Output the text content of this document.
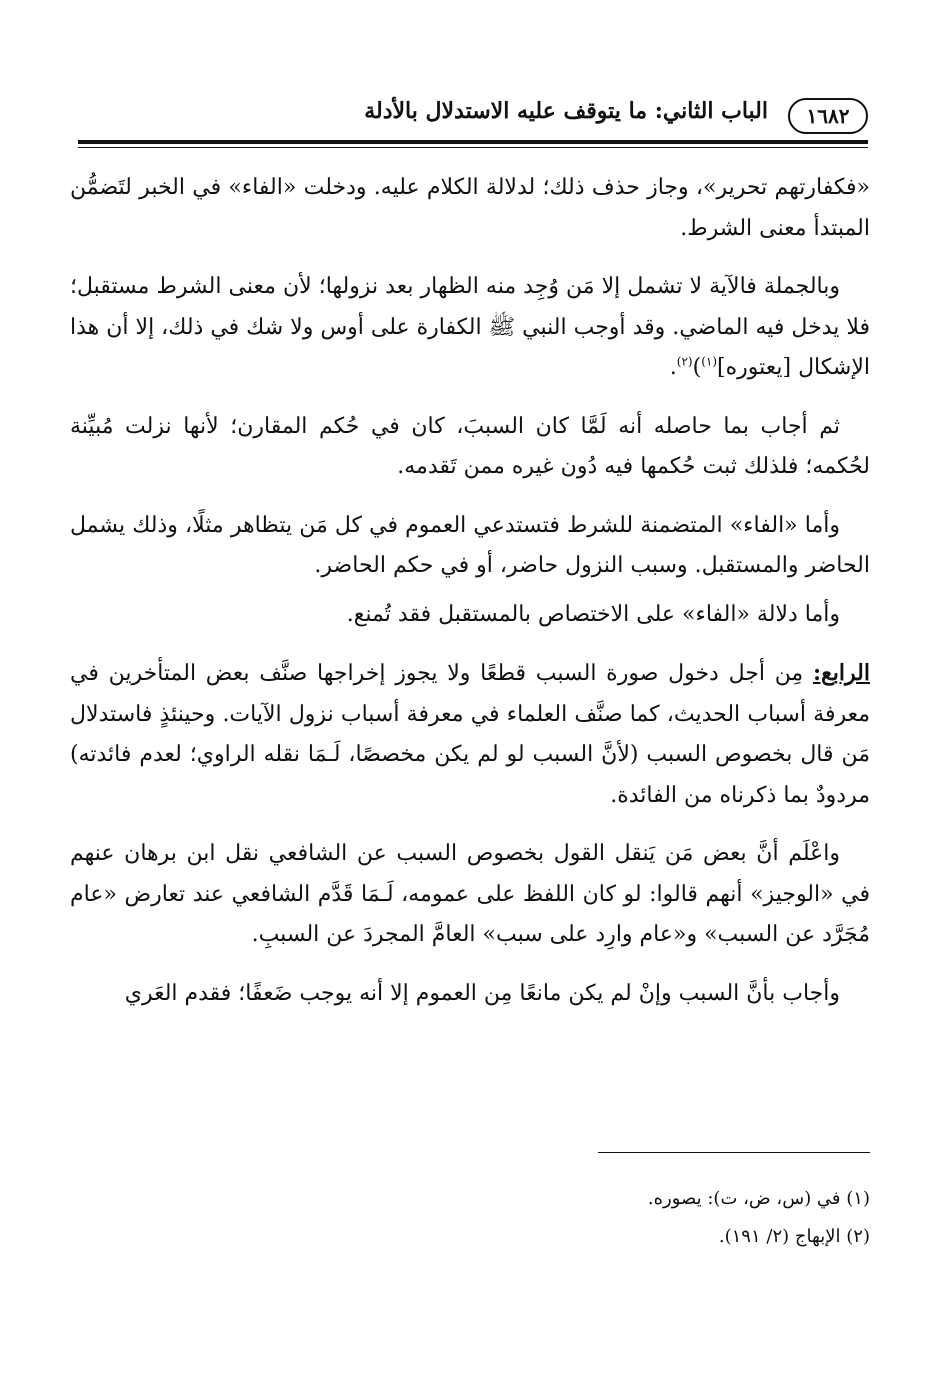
١٦٨٢
الباب الثاني: ما يتوقف عليه الاستدلال بالأدلة

«فكفارتهم تحرير»، وجاز حذف ذلك؛ لدلالة الكلام عليه. ودخلت «الفاء» في الخبر لتَضمُّن المبتدأ معنى الشرط.

وبالجملة فالآية لا تشمل إلا مَن وُجِد منه الظهار بعد نزولها؛ لأن معنى الشرط مستقبل؛ فلا يدخل فيه الماضي. وقد أوجب النبي ﷺ الكفارة على أوس ولا شك في ذلك، إلا أن هذا الإشكال [يعتوره]$^{(١)}$)$^{(٢)}$.

ثم أجاب بما حاصله أنه لَمَّا كان السببَ، كان في حُكم المقارن؛ لأنها نزلت مُبيِّنة لحُكمه؛ فلذلك ثبت حُكمها فيه دُون غيره ممن تَقدمه.

وأما «الفاء» المتضمنة للشرط فتستدعي العموم في كل مَن يتظاهر مثلًا، وذلك يشمل الحاضر والمستقبل. وسبب النزول حاضر، أو في حكم الحاضر.

وأما دلالة «الفاء» على الاختصاص بالمستقبل فقد تُمنع.

الرابع: مِن أجل دخول صورة السبب قطعًا ولا يجوز إخراجها صنَّف بعض المتأخرين في معرفة أسباب الحديث، كما صنَّف العلماء في معرفة أسباب نزول الآيات. وحينئذٍ فاستدلال مَن قال بخصوص السبب (لأنَّ السبب لو لم يكن مخصصًا، لَـمَا نقله الراوي؛ لعدم فائدته) مردودٌ بما ذكرناه من الفائدة.

واعْلَم أنَّ بعض مَن يَنقل القول بخصوص السبب عن الشافعي نقل ابن برهان عنهم في «الوجيز» أنهم قالوا: لو كان اللفظ على عمومه، لَـمَا قَدَّم الشافعي عند تعارض «عام مُجَرَّد عن السبب» و«عام وارِد على سبب» العامَّ المجردَ عن السببِ.

وأجاب بأنَّ السبب وإنْ لم يكن مانعًا مِن العموم إلا أنه يوجب ضَعفًا؛ فقدم العَري

(١) في (س، ض، ت): يصوره.

(٢) الإبهاج (٢/ ١٩١).
